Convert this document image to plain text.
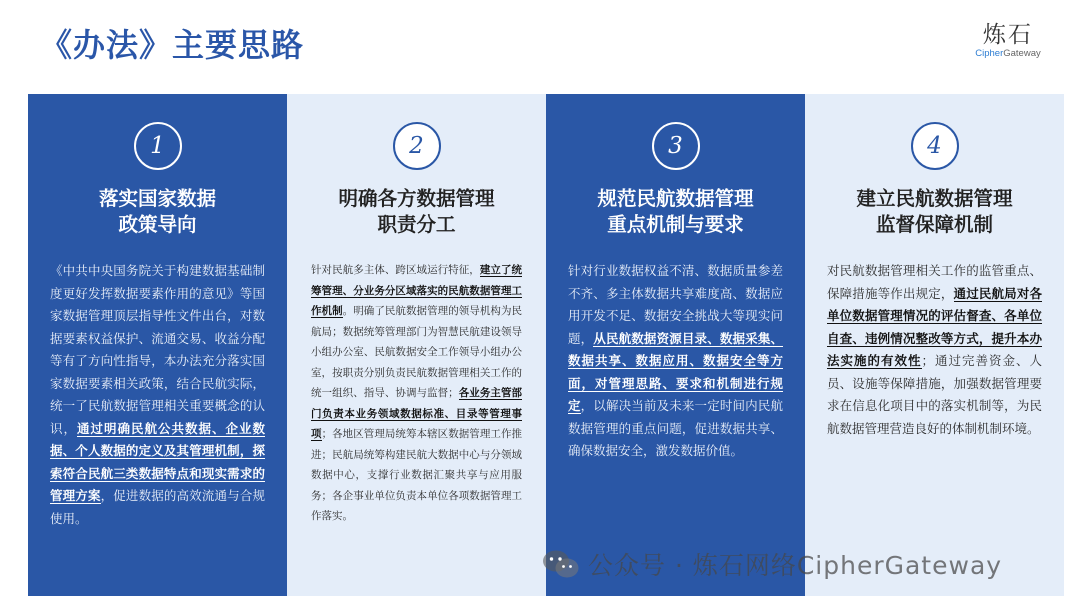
《办法》主要思路	炼石
CipherGateway
1
落实国家数据
政策导向
《中共中央国务院关于构建数据基础制度更好发挥数据要素作用的意见》等国家数据管理顶层指导性文件出台，对数据要素权益保护、流通交易、收益分配等有了方向性指导，本办法充分落实国家数据要素相关政策，结合民航实际，统一了民航数据管理相关重要概念的认识，通过明确民航公共数据、企业数据、个人数据的定义及其管理机制，探索符合民航三类数据特点和现实需求的管理方案，促进数据的高效流通与合规使用。
2
明确各方数据管理
职责分工
针对民航多主体、跨区域运行特征，建立了统筹管理、分业务分区域落实的民航数据管理工作机制。明确了民航数据管理的领导机构为民航局；数据统筹管理部门为智慧民航建设领导小组办公室、民航数据安全工作领导小组办公室，按职责分别负责民航数据管理相关工作的统一组织、指导、协调与监督；各业务主管部门负责本业务领域数据标准、目录等管理事项；各地区管理局统筹本辖区数据管理工作推进；民航局统筹构建民航大数据中心与分领域数据中心，支撑行业数据汇聚共享与应用服务；各企事业单位负责本单位各项数据管理工作落实。
3
规范民航数据管理
重点机制与要求
针对行业数据权益不清、数据质量参差不齐、多主体数据共享难度高、数据应用开发不足、数据安全挑战大等现实问题，从民航数据资源目录、数据采集、数据共享、数据应用、数据安全等方面，对管理思路、要求和机制进行规定，以解决当前及未来一定时间内民航数据管理的重点问题，促进数据共享、确保数据安全，激发数据价值。
4
建立民航数据管理
监督保障机制
对民航数据管理相关工作的监管重点、保障措施等作出规定，通过民航局对各单位数据管理情况的评估督查、各单位自查、违例情况整改等方式，提升本办法实施的有效性；通过完善资金、人员、设施等保障措施，加强数据管理要求在信息化项目中的落实机制等，为民航数据管理营造良好的体制机制环境。
公众号 · 炼石网络CipherGateway
